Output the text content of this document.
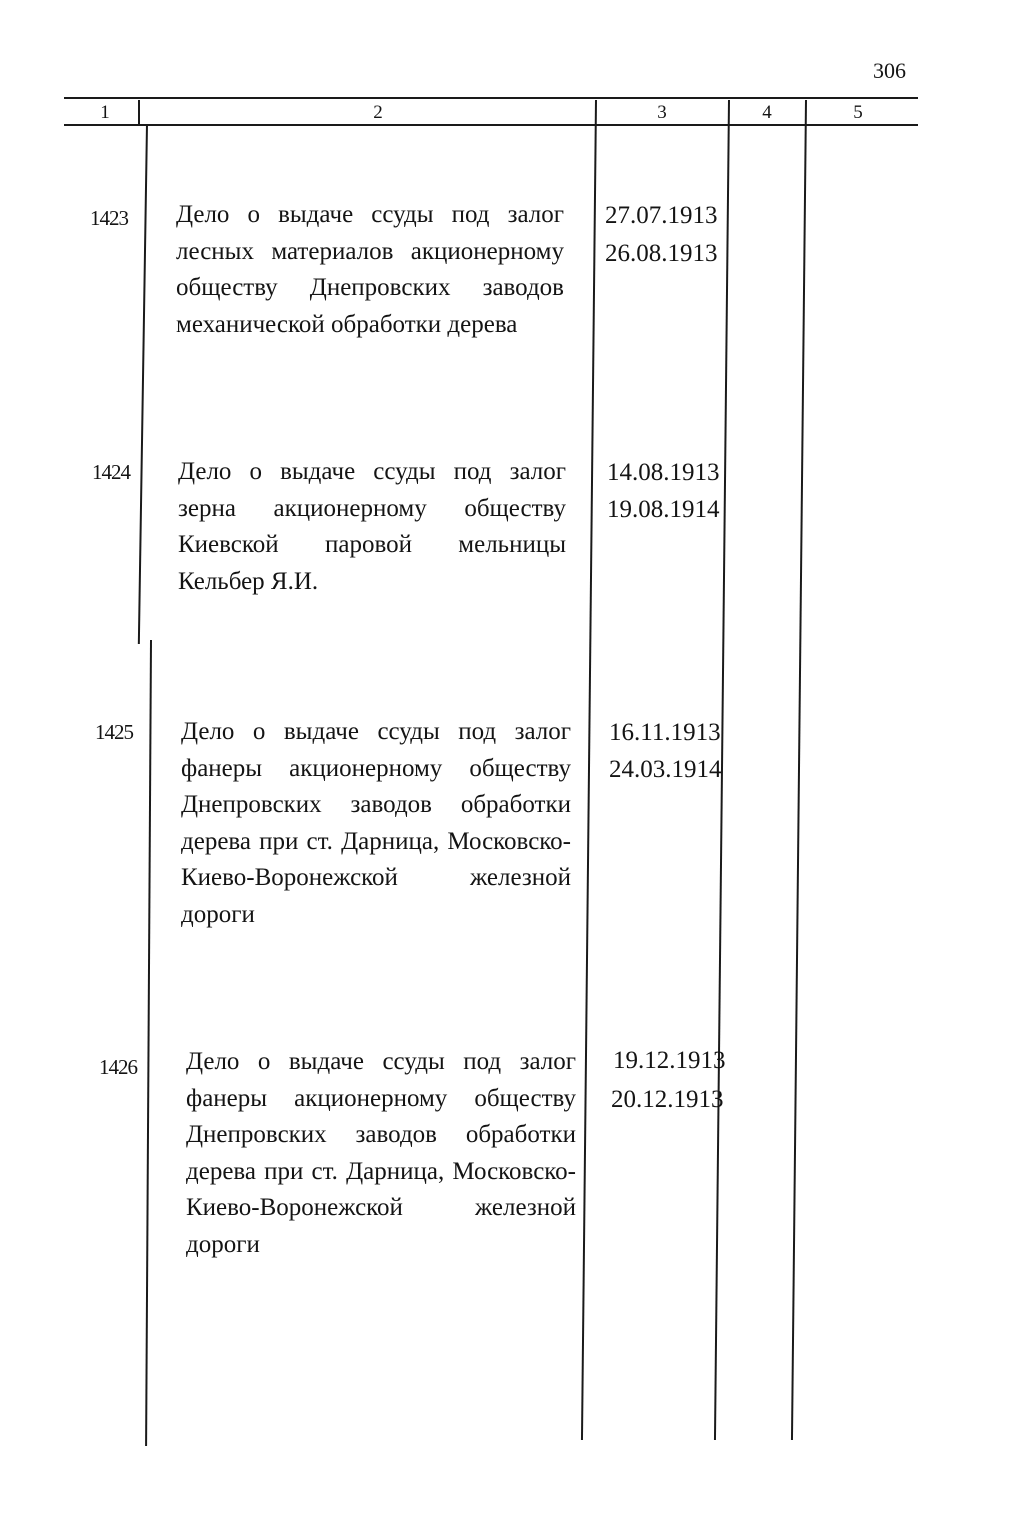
306
1	2	3	4	5
1423 Дело о выдаче ссуды под залог лесных материалов акционерному обществу Днепровских заводов механической обработки дерева
27.07.1913
26.08.1913
1424 Дело о выдаче ссуды под залог зерна акционерному обществу Киевской паровой мельницы Кельбер Я.И.
14.08.1913
19.08.1914
1425 Дело о выдаче ссуды под залог фанеры акционерному обществу Днепровских заводов обработки дерева при ст. Дарница, Московско-Киево-Воронежской железной дороги
16.11.1913
24.03.1914
1426 Дело о выдаче ссуды под залог фанеры акционерному обществу Днепровских заводов обработки дерева при ст. Дарница, Московско-Киево-Воронежской железной дороги
19.12.1913
20.12.1913
